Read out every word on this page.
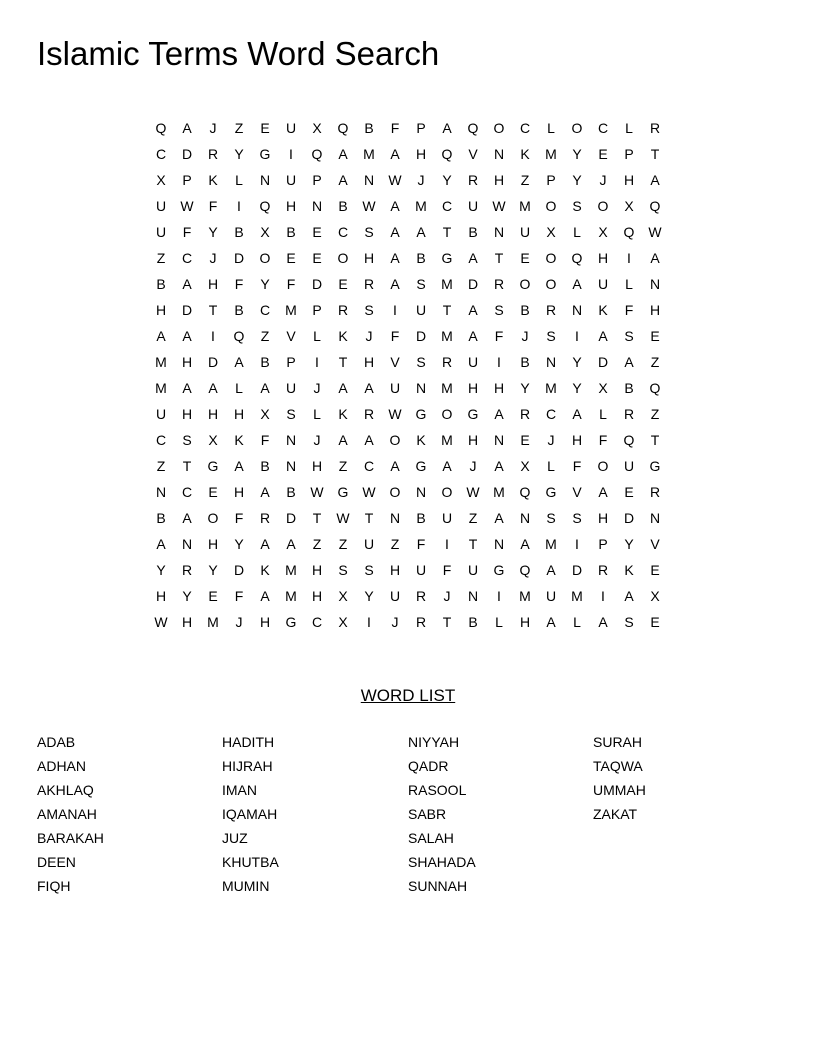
Islamic Terms Word Search
Q	A	J	Z	E	U	X	Q	B	F	P	A	Q	O	C	L	O	C	L	R
C	D	R	Y	G	I	Q	A	M	A	H	Q	V	N	K	M	Y	E	P	T
X	P	K	L	N	U	P	A	N	W	J	Y	R	H	Z	P	Y	J	H	A
U	W	F	I	Q	H	N	B	W	A	M	C	U	W	M	O	S	O	X	Q
U	F	Y	B	X	B	E	C	S	A	A	T	B	N	U	X	L	X	Q	W
Z	C	J	D	O	E	E	O	H	A	B	G	A	T	E	O	Q	H	I	A
B	A	H	F	Y	F	D	E	R	A	S	M	D	R	O	O	A	U	L	N
H	D	T	B	C	M	P	R	S	I	U	T	A	S	B	R	N	K	F	H
A	A	I	Q	Z	V	L	K	J	F	D	M	A	F	J	S	I	A	S	E
M	H	D	A	B	P	I	T	H	V	S	R	U	I	B	N	Y	D	A	Z
M	A	A	L	A	U	J	A	A	U	N	M	H	H	Y	M	Y	X	B	Q
U	H	H	H	X	S	L	K	R	W	G	O	G	A	R	C	A	L	R	Z
C	S	X	K	F	N	J	A	A	O	K	M	H	N	E	J	H	F	Q	T
Z	T	G	A	B	N	H	Z	C	A	G	A	J	A	X	L	F	O	U	G
N	C	E	H	A	B	W	G	W	O	N	O	W	M	Q	G	V	A	E	R
B	A	O	F	R	D	T	W	T	N	B	U	Z	A	N	S	S	H	D	N
A	N	H	Y	A	A	Z	Z	U	Z	F	I	T	N	A	M	I	P	Y	V
Y	R	Y	D	K	M	H	S	S	H	U	F	U	G	Q	A	D	R	K	E
H	Y	E	F	A	M	H	X	Y	U	R	J	N	I	M	U	M	I	A	X
W	H	M	J	H	G	C	X	I	J	R	T	B	L	H	A	L	A	S	E
WORD LIST
ADAB
ADHAN
AKHLAQ
AMANAH
BARAKAH
DEEN
FIQH
HADITH
HIJRAH
IMAN
IQAMAH
JUZ
KHUTBA
MUMIN
NIYYAH
QADR
RASOOL
SABR
SALAH
SHAHADA
SUNNAH
SURAH
TAQWA
UMMAH
ZAKAT
